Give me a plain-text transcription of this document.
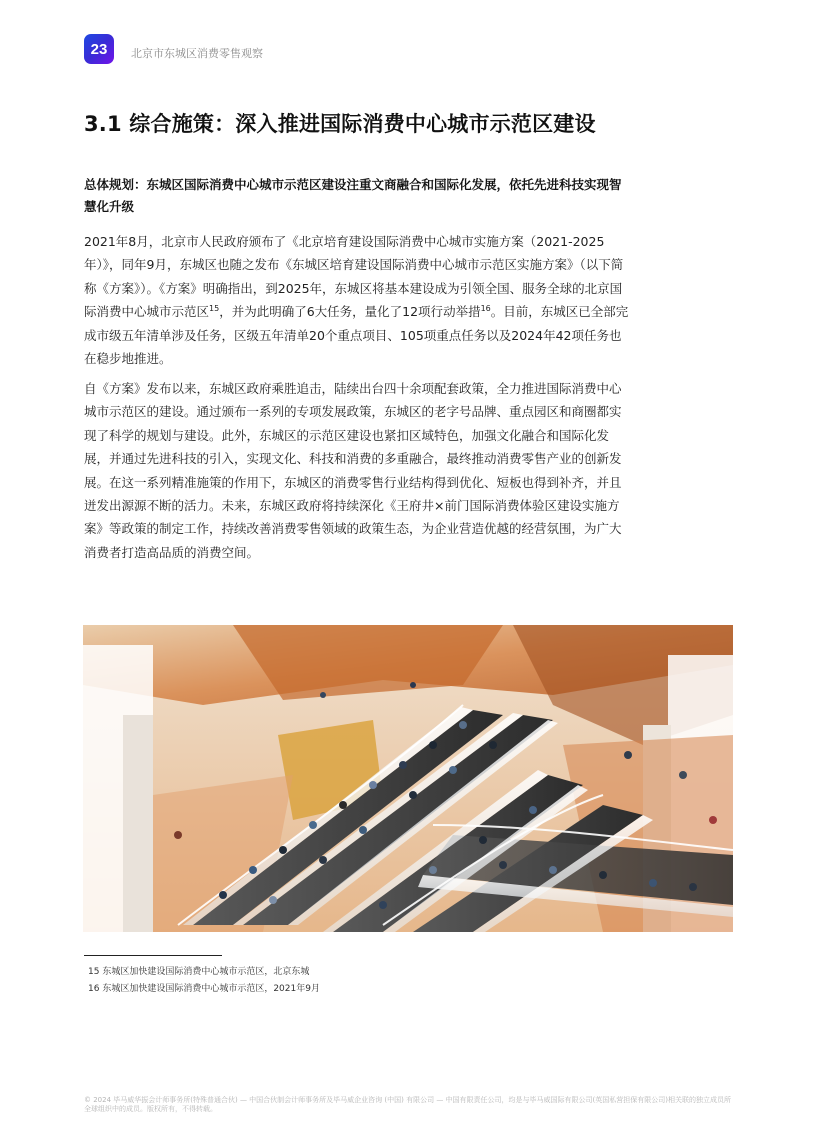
23	北京市东城区消费零售观察
3.1 综合施策：深入推进国际消费中心城市示范区建设
总体规划：东城区国际消费中心城市示范区建设注重文商融合和国际化发展，依托先进科技实现智慧化升级
2021年8月，北京市人民政府颁布了《北京培育建设国际消费中心城市实施方案（2021-2025年）》，同年9月，东城区也随之发布《东城区培育建设国际消费中心城市示范区实施方案》（以下简称《方案》）。《方案》明确指出，到2025年，东城区将基本建设成为引领全国、服务全球的北京国际消费中心城市示范区$^{15}$，并为此明确了6大任务，量化了12项行动举措$^{16}$。目前，东城区已全部完成市级五年清单涉及任务，区级五年清单20个重点项目、105项重点任务以及2024年42项任务也在稳步地推进。
自《方案》发布以来，东城区政府乘胜追击，陆续出台四十余项配套政策，全力推进国际消费中心城市示范区的建设。通过颁布一系列的专项发展政策，东城区的老字号品牌、重点园区和商圈都实现了科学的规划与建设。此外，东城区的示范区建设也紧扣区域特色，加强文化融合和国际化发展，并通过先进科技的引入，实现文化、科技和消费的多重融合，最终推动消费零售产业的创新发展。在这一系列精准施策的作用下，东城区的消费零售行业结构得到优化、短板也得到补齐，并且迸发出源源不断的活力。未来，东城区政府将持续深化《王府井×前门国际消费体验区建设实施方案》等政策的制定工作，持续改善消费零售领域的政策生态，为企业营造优越的经营氛围，为广大消费者打造高品质的消费空间。
15 东城区加快建设国际消费中心城市示范区，北京东城
16 东城区加快建设国际消费中心城市示范区，2021年9月
© 2024 毕马威华振会计师事务所(特殊普通合伙) — 中国合伙制会计师事务所及毕马威企业咨询 (中国) 有限公司 — 中国有限责任公司，均是与毕马威国际有限公司(英国私营担保有限公司)相关联的独立成员所全球组织中的成员。版权所有，不得转载。
